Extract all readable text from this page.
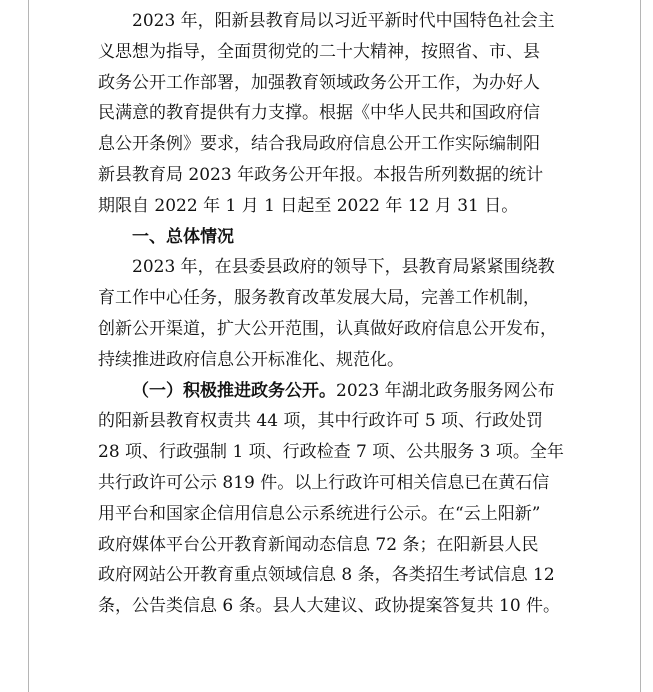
2023 年，阳新县教育局以习近平新时代中国特色社会主
义思想为指导，全面贯彻党的二十大精神，按照省、市、县
政务公开工作部署，加强教育领域政务公开工作，为办好人
民满意的教育提供有力支撑。根据《中华人民共和国政府信
息公开条例》要求，结合我局政府信息公开工作实际编制阳
新县教育局 2023 年政务公开年报。本报告所列数据的统计
期限自 2022 年 1 月 1 日起至 2022 年 12 月 31 日。
一、总体情况
2023 年，在县委县政府的领导下，县教育局紧紧围绕教
育工作中心任务，服务教育改革发展大局，完善工作机制，
创新公开渠道，扩大公开范围，认真做好政府信息公开发布，
持续推进政府信息公开标准化、规范化。
（一）积极推进政务公开。2023 年湖北政务服务网公布
的阳新县教育权责共 44 项，其中行政许可 5 项、行政处罚
28 项、行政强制 1 项、行政检查 7 项、公共服务 3 项。全年
共行政许可公示 819 件。以上行政许可相关信息已在黄石信
用平台和国家企信用信息公示系统进行公示。在“云上阳新”
政府媒体平台公开教育新闻动态信息 72 条；在阳新县人民
政府网站公开教育重点领域信息 8 条，各类招生考试信息 12
条，公告类信息 6 条。县人大建议、政协提案答复共 10 件。
